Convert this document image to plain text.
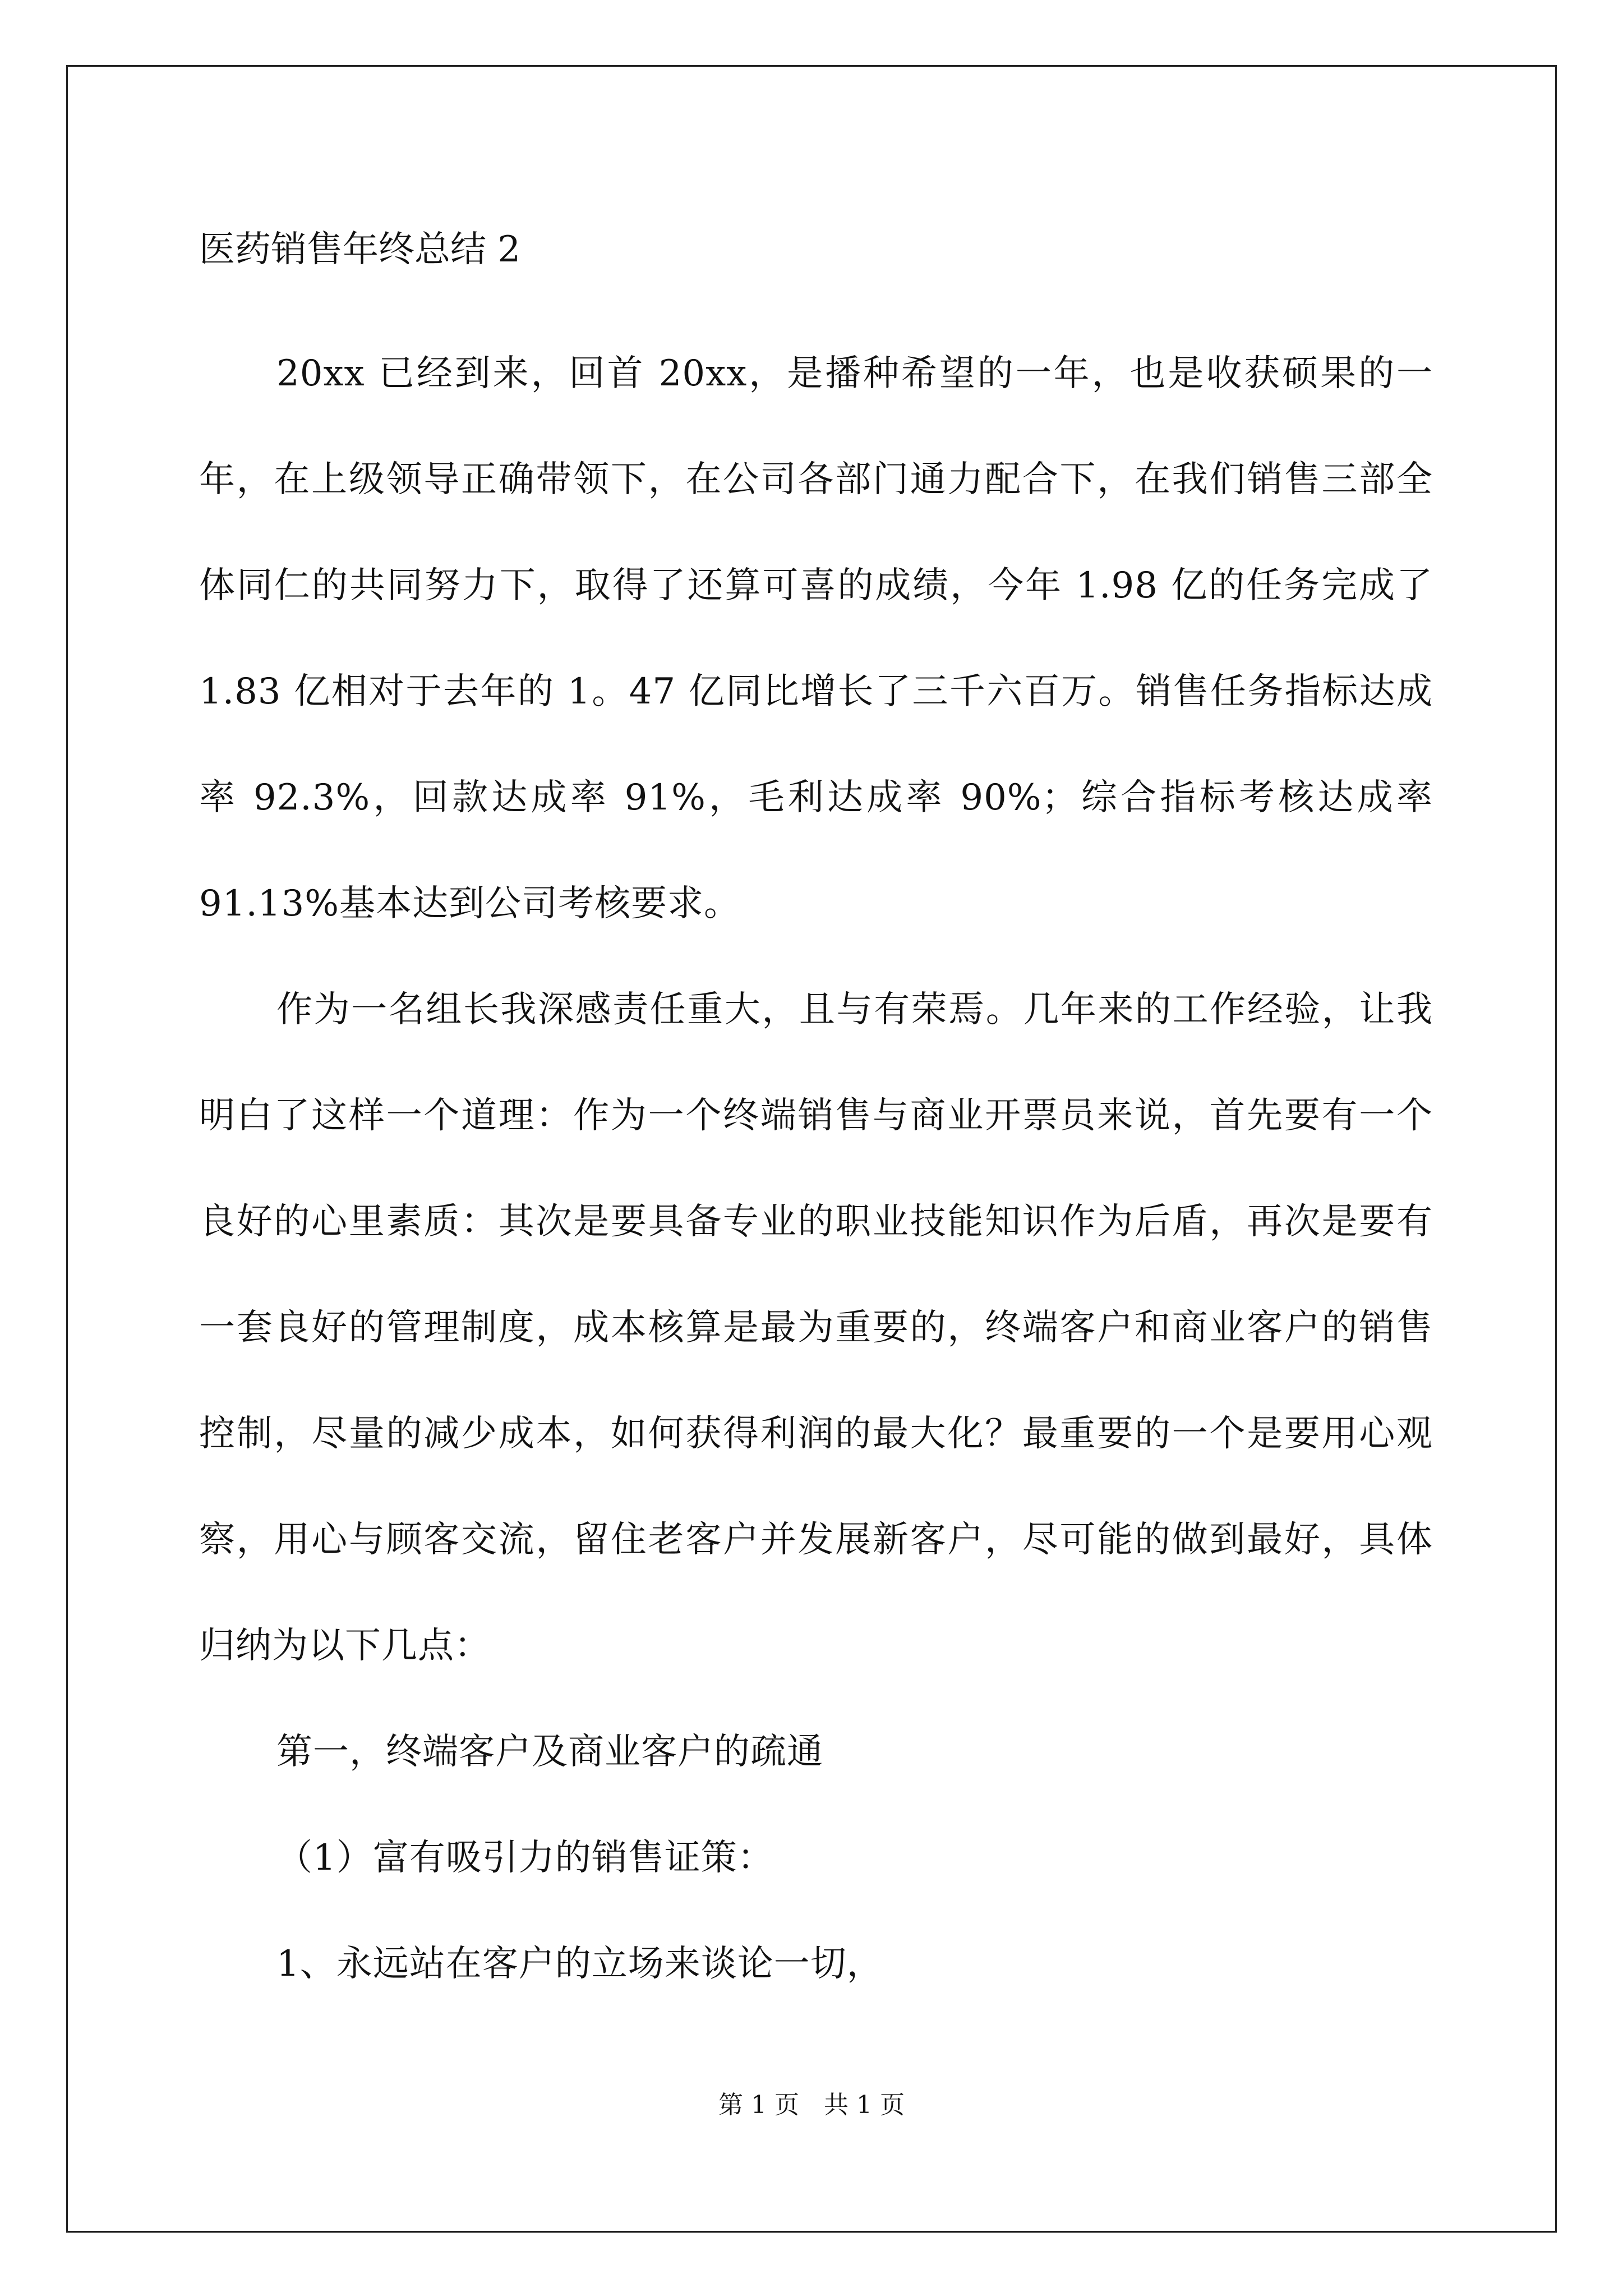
医药销售年终总结 2

20xx 已经到来，回首 20xx，是播种希望的一年，也是收获硕果的一年，在上级领导正确带领下，在公司各部门通力配合下，在我们销售三部全体同仁的共同努力下，取得了还算可喜的成绩，今年 1.98 亿的任务完成了 1.83 亿相对于去年的 1。47 亿同比增长了三千六百万。销售任务指标达成率 92.3%，回款达成率 91%，毛利达成率 90%；综合指标考核达成率 91.13%基本达到公司考核要求。

作为一名组长我深感责任重大，且与有荣焉。几年来的工作经验，让我明白了这样一个道理：作为一个终端销售与商业开票员来说，首先要有一个良好的心里素质：其次是要具备专业的职业技能知识作为后盾，再次是要有一套良好的管理制度，成本核算是最为重要的，终端客户和商业客户的销售控制，尽量的减少成本，如何获得利润的最大化？最重要的一个是要用心观察，用心与顾客交流，留住老客户并发展新客户，尽可能的做到最好，具体归纳为以下几点：

第一，终端客户及商业客户的疏通

（1）富有吸引力的销售证策：

1、永远站在客户的立场来谈论一切，

第 1 页 共 1 页
